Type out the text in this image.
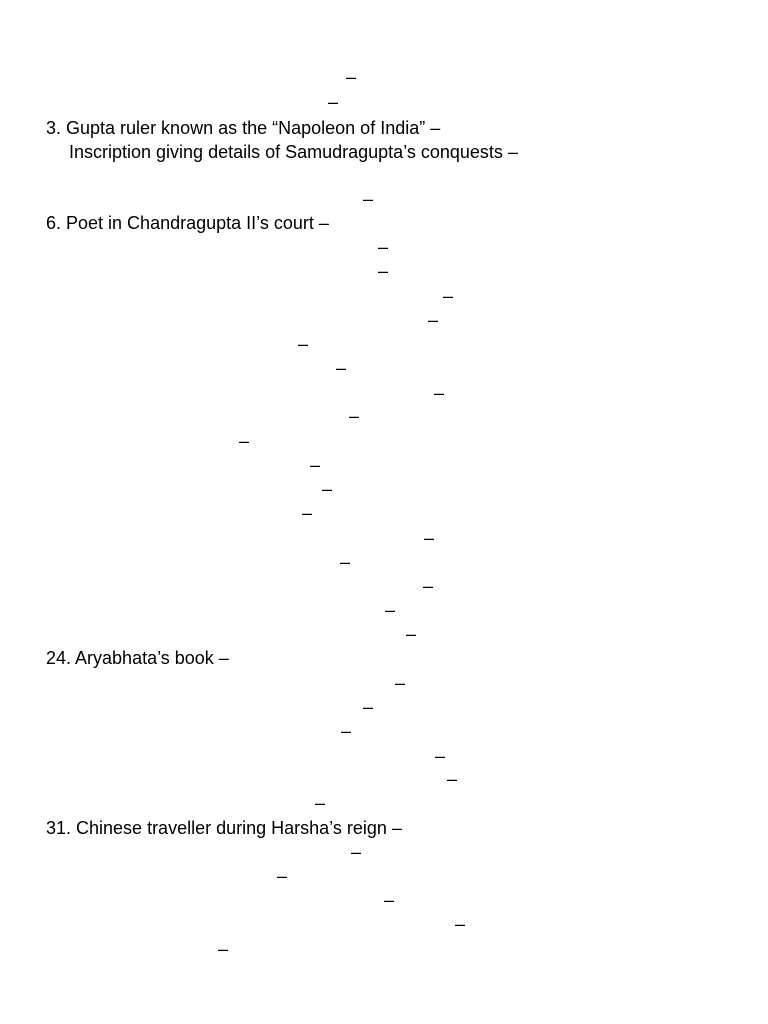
–
–
3. Gupta ruler known as the “Napoleon of India” –
Inscription giving details of Samudragupta’s conquests –
–
6. Poet in Chandragupta II’s court –
–
–
–
–
–
–
–
–
–
–
–
–
–
–
–
–
–
24. Aryabhata’s book –
–
–
–
–
–
–
31. Chinese traveller during Harsha’s reign –
–
–
–
–
–
